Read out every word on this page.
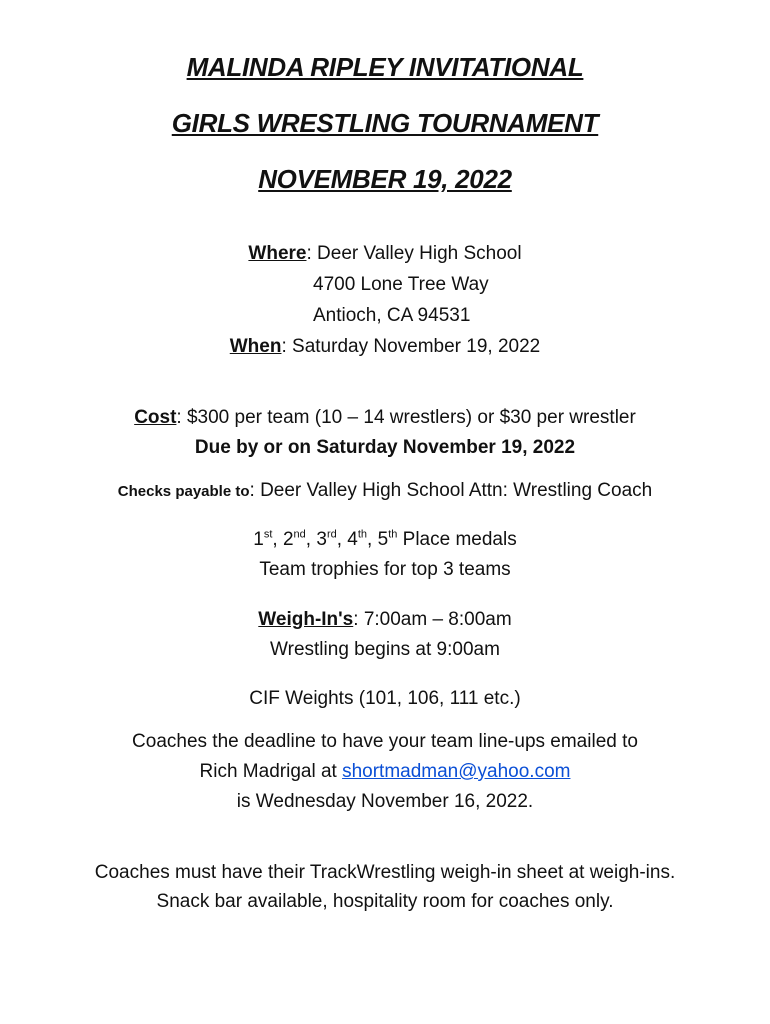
MALINDA RIPLEY INVITATIONAL
GIRLS WRESTLING TOURNAMENT
NOVEMBER 19, 2022
Where: Deer Valley High School
4700 Lone Tree Way
Antioch, CA 94531
When: Saturday November 19, 2022
Cost: $300 per team (10 – 14 wrestlers) or $30 per wrestler
Due by or on Saturday November 19, 2022
Checks payable to: Deer Valley High School Attn: Wrestling Coach
1st, 2nd, 3rd, 4th, 5th Place medals
Team trophies for top 3 teams
Weigh-In's: 7:00am – 8:00am
Wrestling begins at 9:00am
CIF Weights (101, 106, 111 etc.)
Coaches the deadline to have your team line-ups emailed to
Rich Madrigal at shortmadman@yahoo.com
is Wednesday November 16, 2022.
Coaches must have their TrackWrestling weigh-in sheet at weigh-ins.
Snack bar available, hospitality room for coaches only.
